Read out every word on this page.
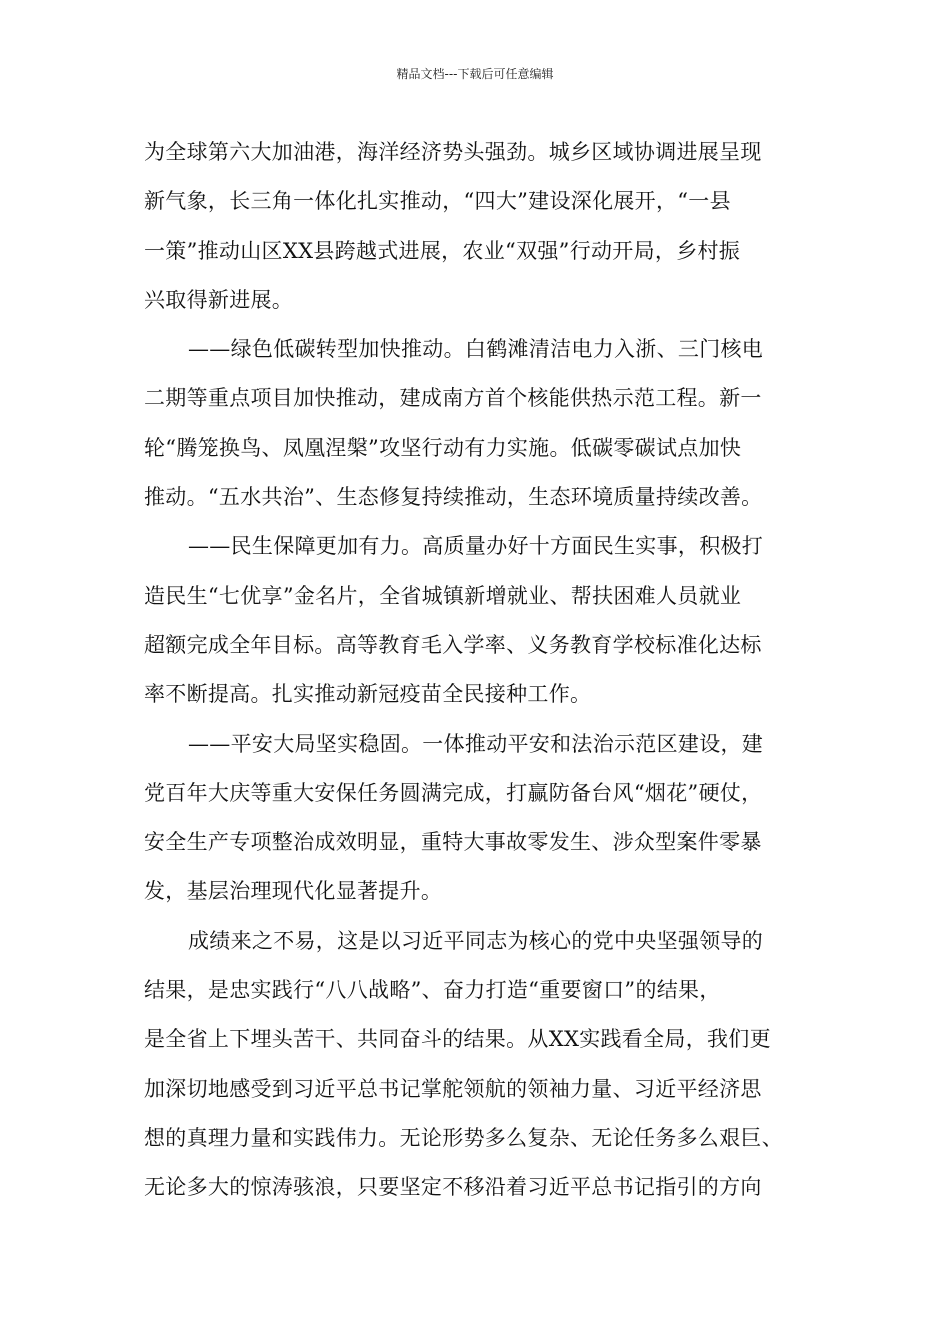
精品文档---下载后可任意编辑

为全球第六大加油港，海洋经济势头强劲。城乡区域协调进展呈现
新气象，长三角一体化扎实推动，“四大”建设深化展开，“一县
一策”推动山区XX县跨越式进展，农业“双强”行动开局，乡村振
兴取得新进展。

——绿色低碳转型加快推动。白鹤滩清洁电力入浙、三门核电
二期等重点项目加快推动，建成南方首个核能供热示范工程。新一
轮“腾笼换鸟、凤凰涅槃”攻坚行动有力实施。低碳零碳试点加快
推动。“五水共治”、生态修复持续推动，生态环境质量持续改善。

——民生保障更加有力。高质量办好十方面民生实事，积极打
造民生“七优享”金名片，全省城镇新增就业、帮扶困难人员就业
超额完成全年目标。高等教育毛入学率、义务教育学校标准化达标
率不断提高。扎实推动新冠疫苗全民接种工作。

——平安大局坚实稳固。一体推动平安和法治示范区建设，建
党百年大庆等重大安保任务圆满完成，打赢防备台风“烟花”硬仗，
安全生产专项整治成效明显，重特大事故零发生、涉众型案件零暴
发，基层治理现代化显著提升。

成绩来之不易，这是以习近平同志为核心的党中央坚强领导的
结果，是忠实践行“八八战略”、奋力打造“重要窗口”的结果，
是全省上下埋头苦干、共同奋斗的结果。从XX实践看全局，我们更
加深切地感受到习近平总书记掌舵领航的领袖力量、习近平经济思
想的真理力量和实践伟力。无论形势多么复杂、无论任务多么艰巨、
无论多大的惊涛骇浪，只要坚定不移沿着习近平总书记指引的方向
